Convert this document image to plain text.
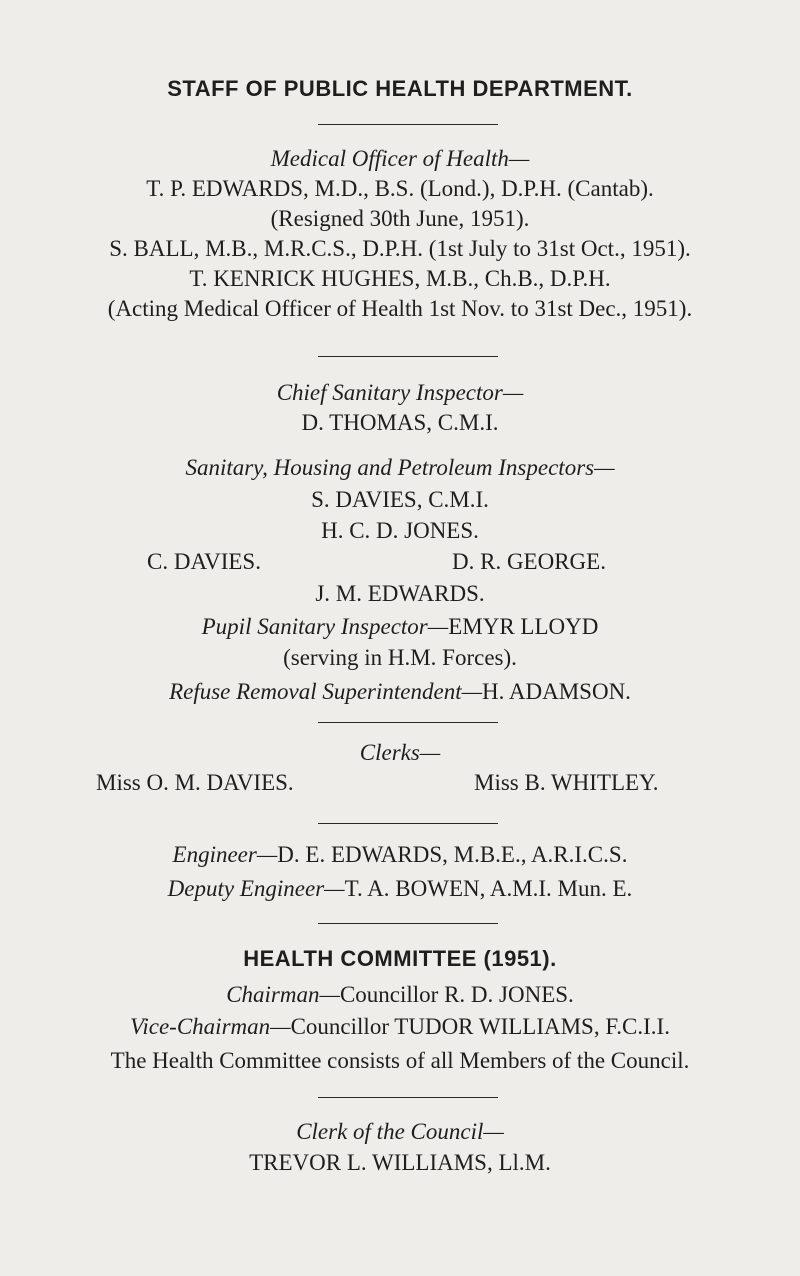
STAFF OF PUBLIC HEALTH DEPARTMENT.
Medical Officer of Health—
T. P. EDWARDS, M.D., B.S. (Lond.), D.P.H. (Cantab).
(Resigned 30th June, 1951).
S. BALL, M.B., M.R.C.S., D.P.H. (1st July to 31st Oct., 1951).
T. KENRICK HUGHES, M.B., Ch.B., D.P.H.
(Acting Medical Officer of Health 1st Nov. to 31st Dec., 1951).
Chief Sanitary Inspector—
D. THOMAS, C.M.I.
Sanitary, Housing and Petroleum Inspectors—
S. DAVIES, C.M.I.
H. C. D. JONES.
C. DAVIES.	D. R. GEORGE.
J. M. EDWARDS.
Pupil Sanitary Inspector—EMYR LLOYD
(serving in H.M. Forces).
Refuse Removal Superintendent—H. ADAMSON.
Clerks—
Miss O. M. DAVIES.	Miss B. WHITLEY.
Engineer—D. E. EDWARDS, M.B.E., A.R.I.C.S.
Deputy Engineer—T. A. BOWEN, A.M.I. Mun. E.
HEALTH COMMITTEE (1951).
Chairman—Councillor R. D. JONES.
Vice-Chairman—Councillor TUDOR WILLIAMS, F.C.I.I.
The Health Committee consists of all Members of the Council.
Clerk of the Council—
TREVOR L. WILLIAMS, Ll.M.
